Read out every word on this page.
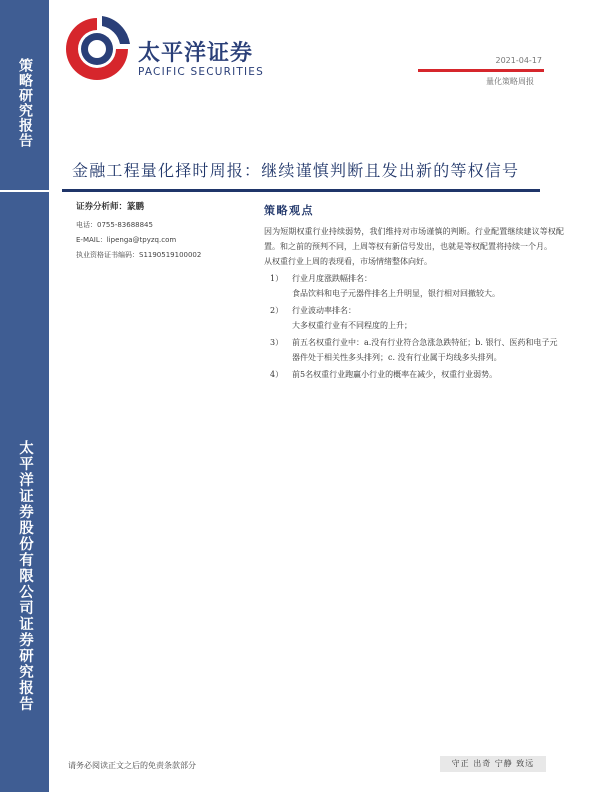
策略研究报告
太平洋证券股份有限公司证券研究报告
太平洋证券
PACIFIC SECURITIES
2021-04-17
量化策略周报
金融工程量化择时周报：继续谨慎判断且发出新的等权信号

证券分析师：篆鹏

电话：0755-83688845

E-MAIL：lipenga@tpyzq.com

执业资格证书编码：S1190519100002

策略观点

因为短期权重行业持续弱势，我们维持对市场谨慎的判断。行业配置继续建议等权配置。和之前的预判不同，上周等权有新信号发出，也就是等权配置将持续一个月。

从权重行业上周的表现看，市场情绪整体向好。

1）	行业月度涨跌幅排名：

食品饮料和电子元器件排名上升明显，银行相对回撤较大。

2）	行业波动率排名：

大多权重行业有不同程度的上升；

3）	前五名权重行业中：a.没有行业符合急涨急跌特征；b. 银行、医药和电子元器件处于相关性多头排列；c. 没有行业属于均线多头排列。

4）	前5名权重行业跑赢小行业的概率在减少，权重行业弱势。

请务必阅读正文之后的免责条款部分	守正 出奇 宁静 致远
